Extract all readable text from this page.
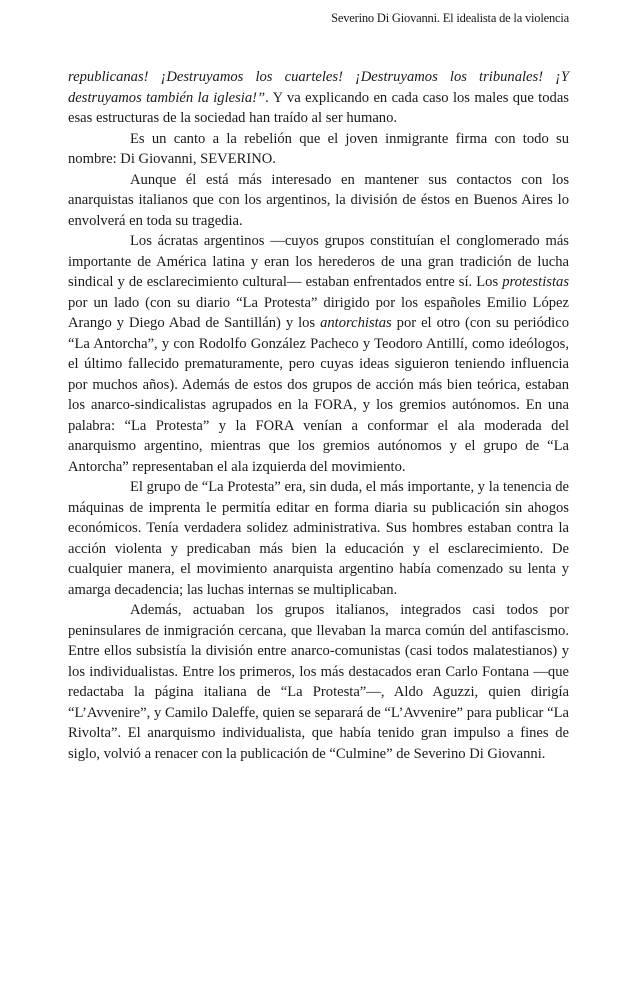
Severino Di Giovanni. El idealista de la violencia

republicanas! ¡Destruyamos los cuarteles! ¡Destruyamos los tribunales! ¡Y destruyamos también la iglesia!”. Y va explicando en cada caso los males que todas esas estructuras de la sociedad han traído al ser humano.

Es un canto a la rebelión que el joven inmigrante firma con todo su nombre: Di Giovanni, SEVERINO.

Aunque él está más interesado en mantener sus contactos con los anarquistas italianos que con los argentinos, la división de éstos en Buenos Aires lo envolverá en toda su tragedia.

Los ácratas argentinos —cuyos grupos constituían el conglomerado más importante de América latina y eran los herederos de una gran tradición de lucha sindical y de esclarecimiento cultural— estaban enfrentados entre sí. Los protestistas por un lado (con su diario “La Protesta” dirigido por los españoles Emilio López Arango y Diego Abad de Santillán) y los antorchistas por el otro (con su periódico “La Antorcha”, y con Rodolfo González Pacheco y Teodoro Antillí, como ideólogos, el último fallecido prematuramente, pero cuyas ideas siguieron teniendo influencia por muchos años). Además de estos dos grupos de acción más bien teórica, estaban los anarco-sindicalistas agrupados en la FORA, y los gremios autónomos. En una palabra: “La Protesta” y la FORA venían a conformar el ala moderada del anarquismo argentino, mientras que los gremios autónomos y el grupo de “La Antorcha” representaban el ala izquierda del movimiento.

El grupo de “La Protesta” era, sin duda, el más importante, y la tenencia de máquinas de imprenta le permitía editar en forma diaria su publicación sin ahogos económicos. Tenía verdadera solidez administrativa. Sus hombres estaban contra la acción violenta y predicaban más bien la educación y el esclarecimiento. De cualquier manera, el movimiento anarquista argentino había comenzado su lenta y amarga decadencia; las luchas internas se multiplicaban.

Además, actuaban los grupos italianos, integrados casi todos por peninsulares de inmigración cercana, que llevaban la marca común del antifascismo. Entre ellos subsistía la división entre anarco-comunistas (casi todos malatestianos) y los individualistas. Entre los primeros, los más destacados eran Carlo Fontana —que redactaba la página italiana de “La Protesta”—, Aldo Aguzzi, quien dirigía “L’Avvenire”, y Camilo Daleffe, quien se separará de “L’Avvenire” para publicar “La Rivolta”. El anarquismo individualista, que había tenido gran impulso a fines de siglo, volvió a renacer con la publicación de “Culmine” de Severino Di Giovanni.
